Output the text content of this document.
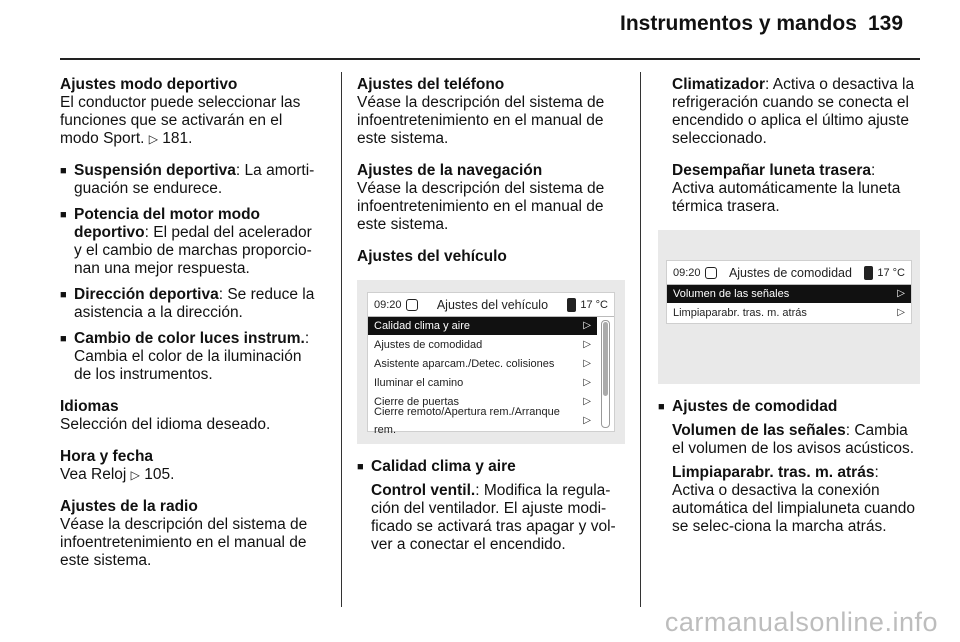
Instrumentos y mandos 139
Ajustes modo deportivo
El conductor puede seleccionar las funciones que se activarán en el modo Sport. ▷ 181.
■ Suspensión deportiva: La amorti-guación se endurece.
■ Potencia del motor modo deportivo: El pedal del acelerador y el cambio de marchas proporcio-nan una mejor respuesta.
■ Dirección deportiva: Se reduce la asistencia a la dirección.
■ Cambio de color luces instrum.: Cambia el color de la iluminación de los instrumentos.
Idiomas
Selección del idioma deseado.
Hora y fecha
Vea Reloj ▷ 105.
Ajustes de la radio
Véase la descripción del sistema de infoentretenimiento en el manual de este sistema.
Ajustes del teléfono
Véase la descripción del sistema de infoentretenimiento en el manual de este sistema.
Ajustes de la navegación
Véase la descripción del sistema de infoentretenimiento en el manual de este sistema.
Ajustes del vehículo
09:20	Ajustes del vehículo	17 °C
Calidad clima y aire	▷
Ajustes de comodidad	▷
Asistente aparcam./Detec. colisiones	▷
Iluminar el camino	▷
Cierre de puertas	▷
Cierre remoto/Apertura rem./Arranque rem.
▷
■ Calidad clima y aire
Control ventil.: Modifica la regula-ción del ventilador. El ajuste modi-ficado se activará tras apagar y vol-ver a conectar el encendido.
Climatizador: Activa o desactiva la refrigeración cuando se conecta el encendido o aplica el último ajuste seleccionado.
Desempañar luneta trasera: Activa automáticamente la luneta térmica trasera.
09:20	Ajustes de comodidad	17 °C
Volumen de las señales	▷
Limpiaparabr. tras. m. atrás	▷
■ Ajustes de comodidad
Volumen de las señales: Cambia el volumen de los avisos acústicos.
Limpiaparabr. tras. m. atrás: Activa o desactiva la conexión automática del limpialuneta cuando se selec-ciona la marcha atrás.
carmanualsonline.info
